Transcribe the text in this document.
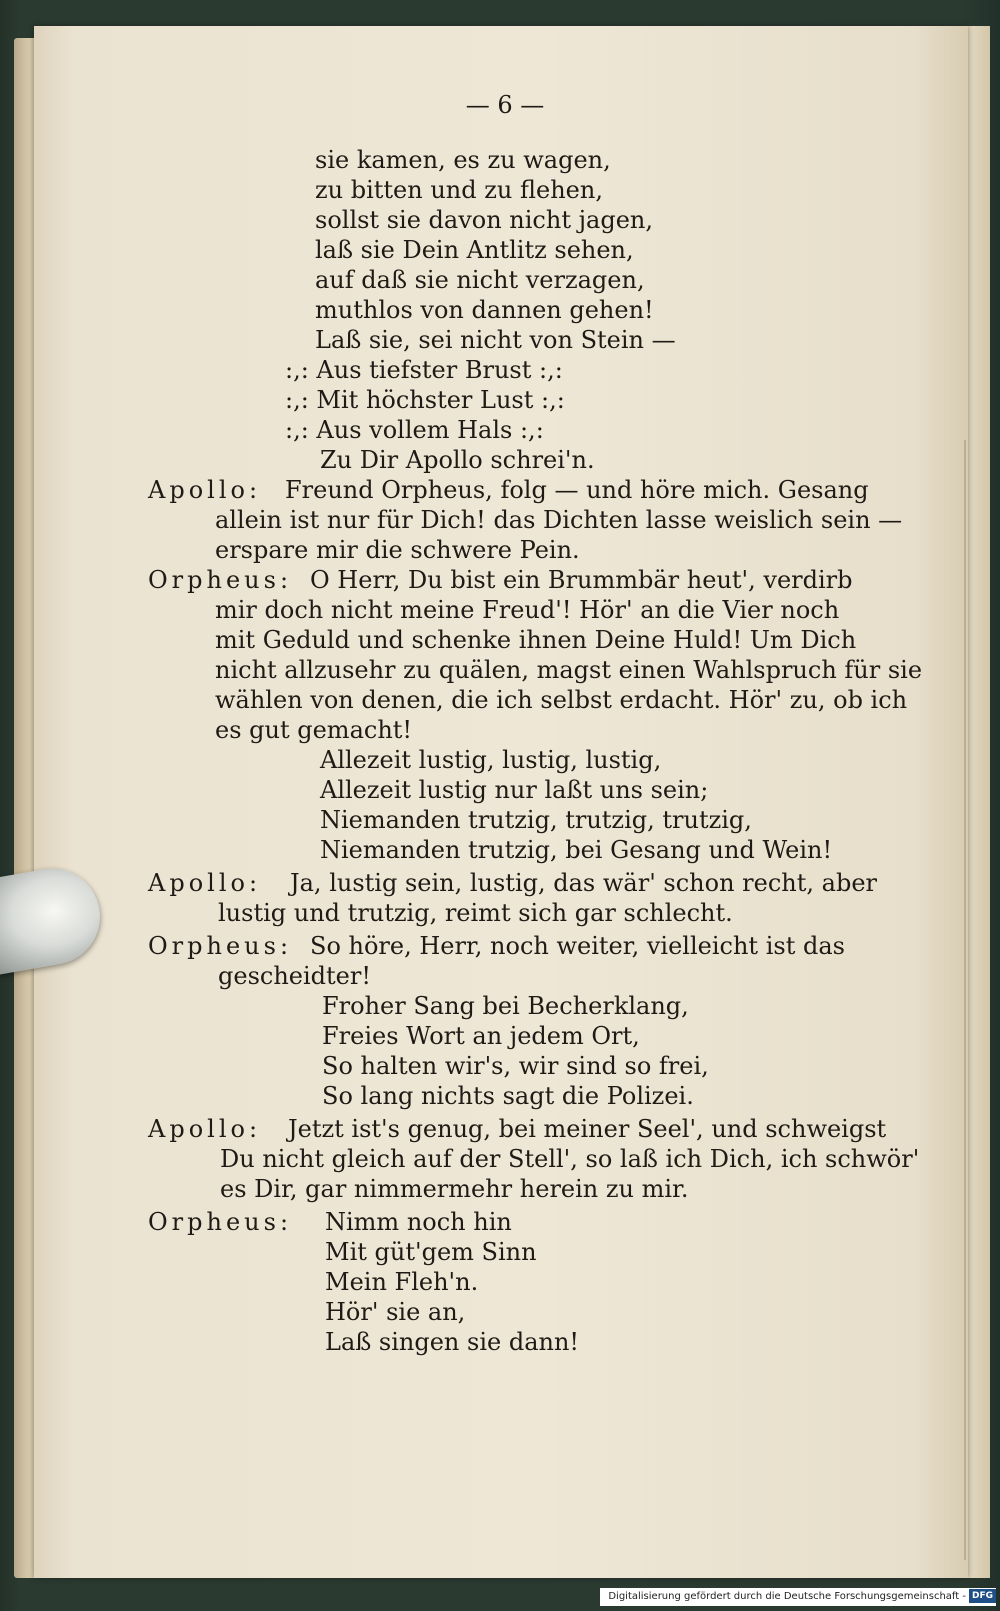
— 6 —
sie kamen, es zu wagen,
zu bitten und zu flehen,
sollst sie davon nicht jagen,
laß sie Dein Antlitz sehen,
auf daß sie nicht verzagen,
muthlos von dannen gehen!
Laß sie, sei nicht von Stein —
:,: Aus tiefster Brust :,:
:,: Mit höchster Lust :,:
:,: Aus vollem Hals :,:
Zu Dir Apollo schrei'n.
Apollo: Freund Orpheus, folg — und höre mich. Gesang
allein ist nur für Dich! das Dichten lasse weislich sein —
erspare mir die schwere Pein.
Orpheus: O Herr, Du bist ein Brummbär heut', verdirb
mir doch nicht meine Freud'! Hör' an die Vier noch
mit Geduld und schenke ihnen Deine Huld! Um Dich
nicht allzusehr zu quälen, magst einen Wahlspruch für sie
wählen von denen, die ich selbst erdacht. Hör' zu, ob ich
es gut gemacht!
Allezeit lustig, lustig, lustig,
Allezeit lustig nur laßt uns sein;
Niemanden trutzig, trutzig, trutzig,
Niemanden trutzig, bei Gesang und Wein!
Apollo: Ja, lustig sein, lustig, das wär' schon recht, aber
lustig und trutzig, reimt sich gar schlecht.
Orpheus: So höre, Herr, noch weiter, vielleicht ist das
gescheidter!
Froher Sang bei Becherklang,
Freies Wort an jedem Ort,
So halten wir's, wir sind so frei,
So lang nichts sagt die Polizei.
Apollo: Jetzt ist's genug, bei meiner Seel', und schweigst
Du nicht gleich auf der Stell', so laß ich Dich, ich schwör'
es Dir, gar nimmermehr herein zu mir.
Orpheus: Nimm noch hin
Mit güt'gem Sinn
Mein Fleh'n.
Hör' sie an,
Laß singen sie dann!
Digitalisierung gefördert durch die Deutsche Forschungsgemeinschaft - DFG
